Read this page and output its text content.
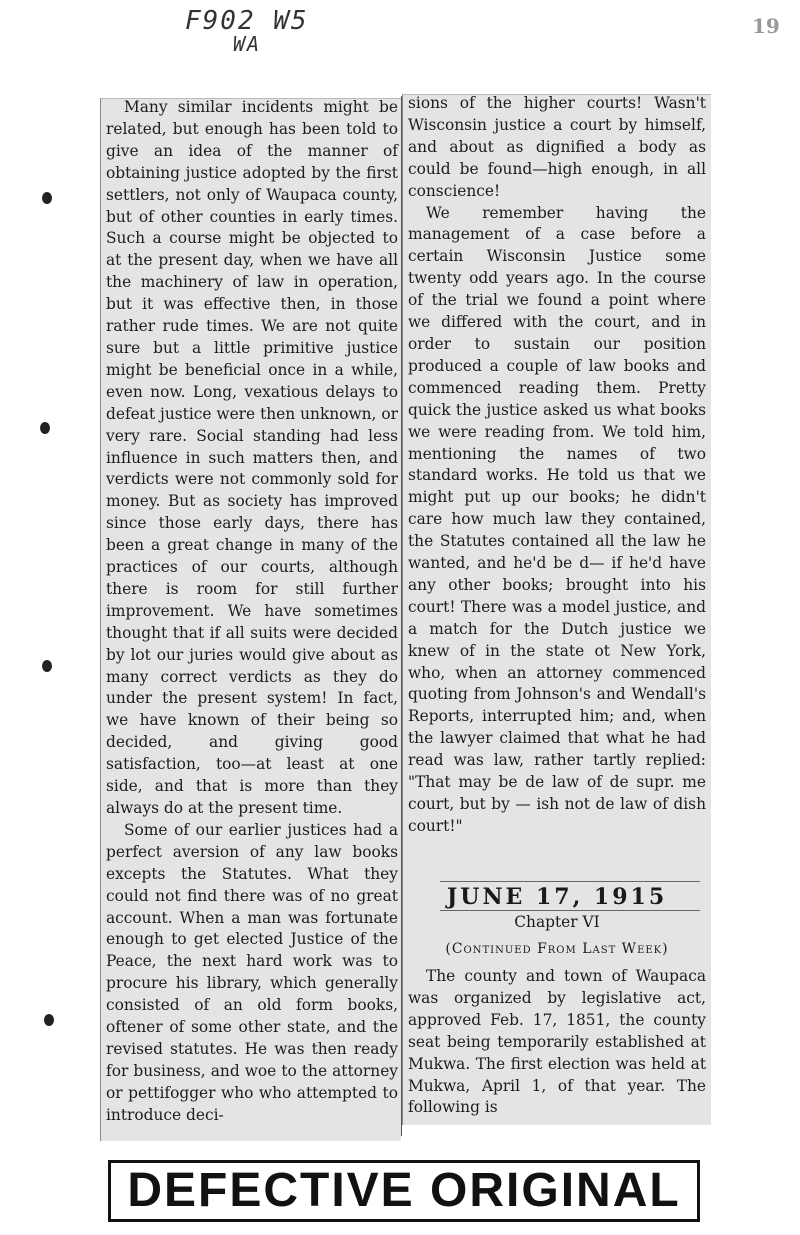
F902 W5
WA
19

Many similar incidents might be related, but enough has been told to give an idea of the manner of obtaining justice adopted by the first settlers, not only of Waupaca county, but of other counties in early times. Such a course might be objected to at the present day, when we have all the machinery of law in operation, but it was effective then, in those rather rude times. We are not quite sure but a little primitive justice might be beneficial once in a while, even now. Long, vexatious delays to defeat justice were then unknown, or very rare. Social standing had less influence in such matters then, and verdicts were not commonly sold for money. But as society has improved since those early days, there has been a great change in many of the practices of our courts, although there is room for still further improvement. We have sometimes thought that if all suits were decided by lot our juries would give about as many correct verdicts as they do under the present system! In fact, we have known of their being so decided, and giving good satisfaction, too—at least at one side, and that is more than they always do at the present time.

Some of our earlier justices had a perfect aversion of any law books excepts the Statutes. What they could not find there was of no great account. When a man was fortunate enough to get elected Justice of the Peace, the next hard work was to procure his library, which generally consisted of an old form books, oftener of some other state, and the revised statutes. He was then ready for business, and woe to the attorney or pettifogger who who attempted to introduce deci-

sions of the higher courts! Wasn't Wisconsin justice a court by himself, and about as dignified a body as could be found—high enough, in all conscience!

We remember having the management of a case before a certain Wisconsin Justice some twenty odd years ago. In the course of the trial we found a point where we differed with the court, and in order to sustain our position produced a couple of law books and commenced reading them. Pretty quick the justice asked us what books we were reading from. We told him, mentioning the names of two standard works. He told us that we might put up our books; he didn't care how much law they contained, the Statutes contained all the law he wanted, and he'd be d— if he'd have any other books; brought into his court! There was a model justice, and a match for the Dutch justice we knew of in the state ot New York, who, when an attorney commenced quoting from Johnson's and Wendall's Reports, interrupted him; and, when the lawyer claimed that what he had read was law, rather tartly replied: "That may be de law of de supr. me court, but by — ish not de law of dish court!"

JUNE 17, 1915
Chapter VI
(Continued From Last Week)

The county and town of Waupaca was organized by legislative act, approved Feb. 17, 1851, the county seat being temporarily established at Mukwa. The first election was held at Mukwa, April 1, of that year. The following is

DEFECTIVE ORIGINAL
